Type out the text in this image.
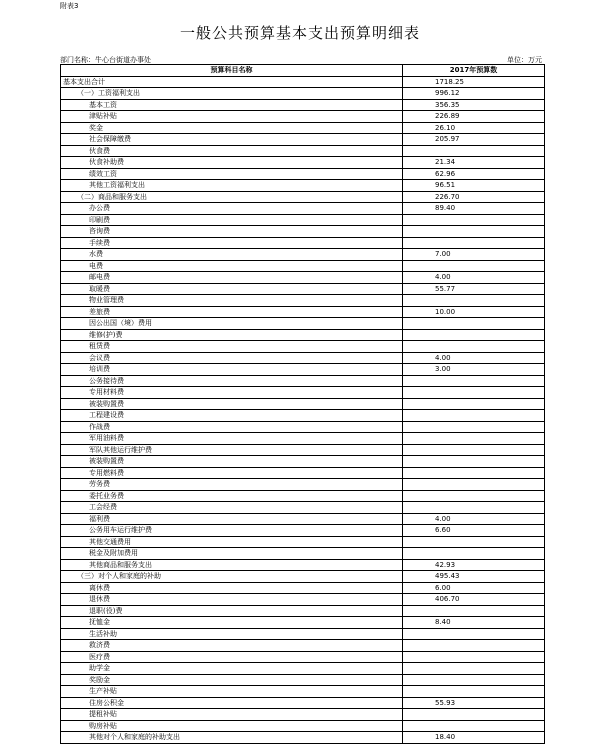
附表3
一般公共预算基本支出预算明细表
部门名称：牛心台街道办事处	单位：万元
预算科目名称	2017年预算数
基本支出合计	1718.25
（一）工资福利支出	996.12
基本工资	356.35
津贴补贴	226.89
奖金	26.10
社会保障缴费	205.97
伙食费	
伙食补助费	21.34
绩效工资	62.96
其他工资福利支出	96.51
（二）商品和服务支出	226.70
办公费	89.40
印刷费	
咨询费	
手续费	
水费	7.00
电费	
邮电费	4.00
取暖费	55.77
物业管理费	
差旅费	10.00
因公出国（境）费用	
维修(护)费	
租赁费	
会议费	4.00
培训费	3.00
公务接待费	
专用材料费	
被装购置费	
工程建设费	
作战费	
军用油料费	
军队其他运行维护费	
被装购置费	
专用燃料费	
劳务费	
委托业务费	
工会经费	
福利费	4.00
公务用车运行维护费	6.60
其他交通费用	
税金及附加费用	
其他商品和服务支出	42.93
（三）对个人和家庭的补助	495.43
离休费	6.00
退休费	406.70
退职(役)费	
抚恤金	8.40
生活补助	
救济费	
医疗费	
助学金	
奖励金	
生产补贴	
住房公积金	55.93
提租补贴	
购房补贴	
其他对个人和家庭的补助支出	18.40
